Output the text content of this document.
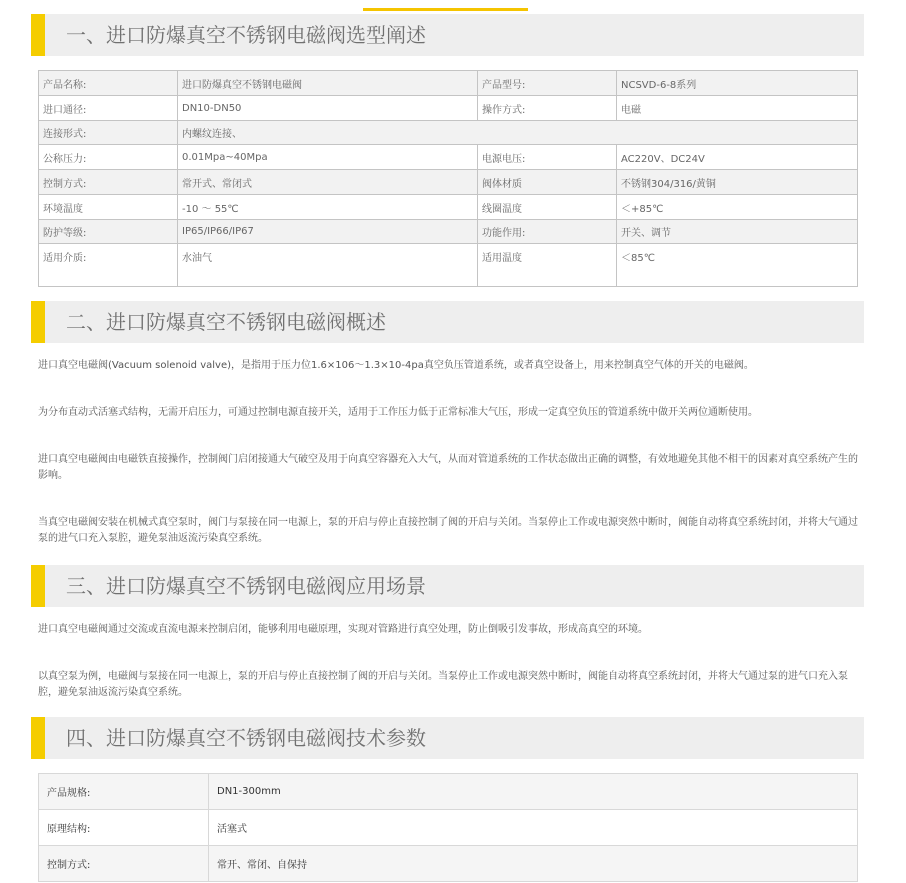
一、进口防爆真空不锈钢电磁阀选型阐述
产品名称:	进口防爆真空不锈钢电磁阀	产品型号:	NCSVD-6-8系列
进口通径:	DN10-DN50	操作方式:	电磁
连接形式:	内螺纹连接、		
公称压力:	0.01Mpa~40Mpa	电源电压:	AC220V、DC24V
控制方式:	常开式、常闭式	阀体材质	不锈钢304/316/黄铜
环境温度	-10 ～ 55℃	线圈温度	＜+85℃
防护等级:	IP65/IP66/IP67	功能作用:	开关、调节
适用介质:	水油气	适用温度	＜85℃
二、进口防爆真空不锈钢电磁阀概述
进口真空电磁阀(Vacuum solenoid valve)，是指用于压力位1.6×106～1.3×10-4pa真空负压管道系统，或者真空设备上，用来控制真空气体的开关的电磁阀。
为分布直动式活塞式结构，无需开启压力，可通过控制电源直接开关，适用于工作压力低于正常标准大气压，形成一定真空负压的管道系统中做开关两位通断使用。
进口真空电磁阀由电磁铁直接操作，控制阀门启闭接通大气破空及用于向真空容器充入大气，从而对管道系统的工作状态做出正确的调整，有效地避免其他不相干的因素对真空系统产生的影响。
当真空电磁阀安装在机械式真空泵时，阀门与泵接在同一电源上，泵的开启与停止直接控制了阀的开启与关闭。当泵停止工作或电源突然中断时，阀能自动将真空系统封闭，并将大气通过泵的进气口充入泵腔，避免泵油返流污染真空系统。
三、进口防爆真空不锈钢电磁阀应用场景
进口真空电磁阀通过交流或直流电源来控制启闭，能够利用电磁原理，实现对管路进行真空处理，防止倒吸引发事故，形成高真空的环境。
以真空泵为例，电磁阀与泵接在同一电源上，泵的开启与停止直接控制了阀的开启与关闭。当泵停止工作或电源突然中断时，阀能自动将真空系统封闭，并将大气通过泵的进气口充入泵腔，避免泵油返流污染真空系统。
四、进口防爆真空不锈钢电磁阀技术参数
产品规格:	DN1-300mm
原理结构:	活塞式
控制方式:	常开、常闭、自保持
